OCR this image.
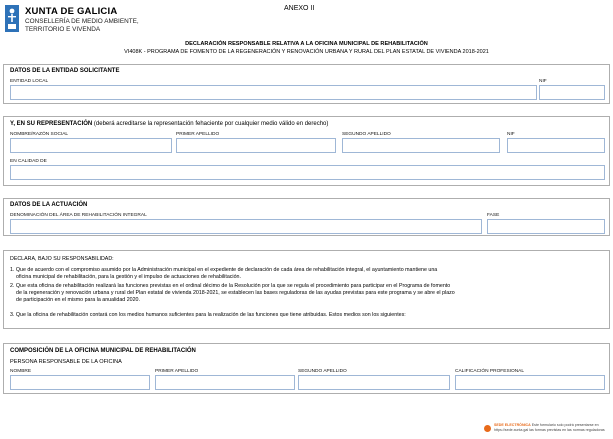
XUNTA DE GALICIA
CONSELLERÍA DE MEDIO AMBIENTE,
TERRITORIO E VIVENDA
ANEXO II
DECLARACIÓN RESPONSABLE RELATIVA A LA OFICINA MUNICIPAL DE REHABILITACIÓN
VI408K - PROGRAMA DE FOMENTO DE LA REGENERACIÓN Y RENOVACIÓN URBANA Y RURAL DEL PLAN ESTATAL DE VIVIENDA 2018-2021
DATOS DE LA ENTIDAD SOLICITANTE
ENTIDAD LOCAL	NIF
Y, EN SU REPRESENTACIÓN (deberá acreditarse la representación fehaciente por cualquier medio válido en derecho)
NOMBRE/RAZÓN SOCIAL	PRIMER APELLIDO	SEGUNDO APELLIDO	NIF
EN CALIDAD DE
DATOS DE LA ACTUACIÓN
DENOMINACIÓN DEL ÁREA DE REHABILITACIÓN INTEGRAL	FASE
DECLARA, BAJO SU RESPONSABILIDAD:
1. Que de acuerdo con el compromiso asumido por la Administración municipal en el expediente de declaración de cada área de rehabilitación integral, el ayuntamiento mantiene una
oficina municipal de rehabilitación, para la gestión y el impulso de actuaciones de rehabilitación.
2. Que esta oficina de rehabilitación realizará las funciones previstas en el ordinal décimo de la Resolución por la que se regula el procedimiento para participar en el Programa de fomento
de la regeneración y renovación urbana y rural del Plan estatal de vivienda 2018-2021, se establecen las bases reguladoras de las ayudas previstas para este programa y se abre el plazo
de participación en el mismo para la anualidad 2020.
3. Que la oficina de rehabilitación contará con los medios humanos suficientes para la realización de las funciones que tiene atribuidas. Estos medios son los siguientes:
COMPOSICIÓN DE LA OFICINA MUNICIPAL DE REHABILITACIÓN
PERSONA RESPONSABLE DE LA OFICINA
NOMBRE	PRIMER APELLIDO	SEGUNDO APELLIDO	CALIFICACIÓN PROFESIONAL
SEDE ELECTRÓNICA Este formulario solo podrá presentarse en
https://sede.xunta.gal las formas previstas en las normas reguladoras
